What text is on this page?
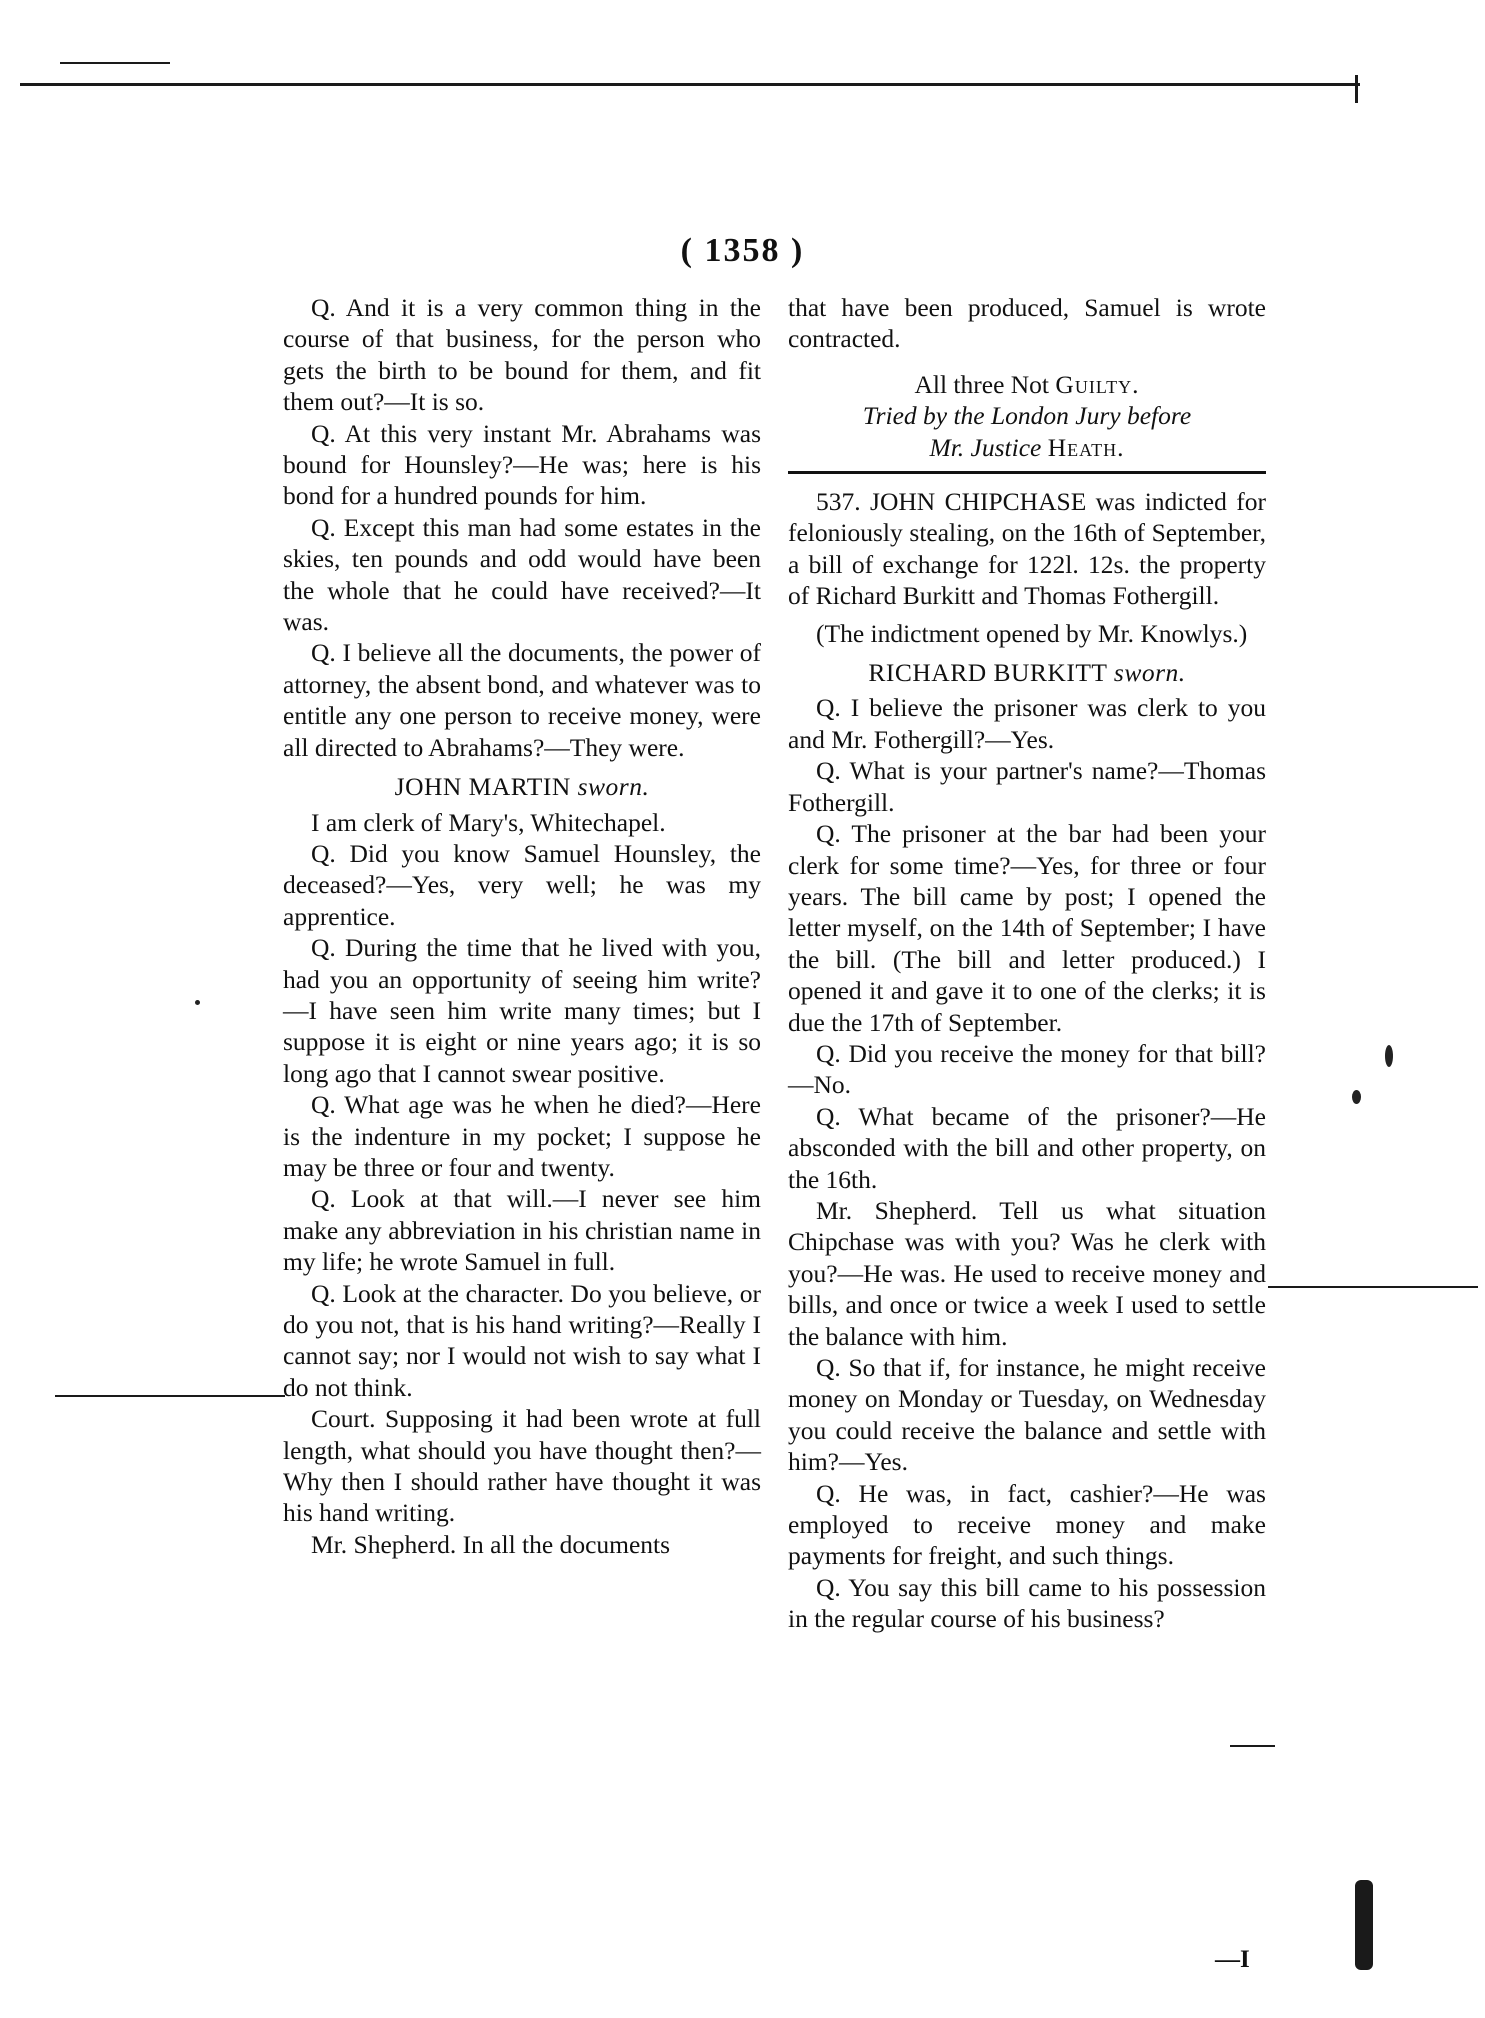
( 1358 )

Q. And it is a very common thing in the course of that business, for the person who gets the birth to be bound for them, and fit them out?—It is so.

Q. At this very instant Mr. Abrahams was bound for Hounsley?—He was; here is his bond for a hundred pounds for him.

Q. Except this man had some estates in the skies, ten pounds and odd would have been the whole that he could have received?—It was.

Q. I believe all the documents, the power of attorney, the absent bond, and whatever was to entitle any one person to receive money, were all directed to Abrahams?—They were.

JOHN MARTIN sworn.

I am clerk of Mary's, Whitechapel.

Q. Did you know Samuel Hounsley, the deceased?—Yes, very well; he was my apprentice.

Q. During the time that he lived with you, had you an opportunity of seeing him write?—I have seen him write many times; but I suppose it is eight or nine years ago; it is so long ago that I cannot swear positive.

Q. What age was he when he died?—Here is the indenture in my pocket; I suppose he may be three or four and twenty.

Q. Look at that will.—I never see him make any abbreviation in his christian name in my life; he wrote Samuel in full.

Q. Look at the character. Do you believe, or do you not, that is his hand writing?—Really I cannot say; nor I would not wish to say what I do not think.

Court. Supposing it had been wrote at full length, what should you have thought then?—Why then I should rather have thought it was his hand writing.

Mr. Shepherd. In all the documents

that have been produced, Samuel is wrote contracted.

All three Not Guilty.

Tried by the London Jury before

Mr. Justice Heath.

537. JOHN CHIPCHASE was indicted for feloniously stealing, on the 16th of September, a bill of exchange for 122l. 12s. the property of Richard Burkitt and Thomas Fothergill.

(The indictment opened by Mr. Knowlys.)

RICHARD BURKITT sworn.

Q. I believe the prisoner was clerk to you and Mr. Fothergill?—Yes.

Q. What is your partner's name?—Thomas Fothergill.

Q. The prisoner at the bar had been your clerk for some time?—Yes, for three or four years. The bill came by post; I opened the letter myself, on the 14th of September; I have the bill. (The bill and letter produced.) I opened it and gave it to one of the clerks; it is due the 17th of September.

Q. Did you receive the money for that bill?—No.

Q. What became of the prisoner?—He absconded with the bill and other property, on the 16th.

Mr. Shepherd. Tell us what situation Chipchase was with you? Was he clerk with you?—He was. He used to receive money and bills, and once or twice a week I used to settle the balance with him.

Q. So that if, for instance, he might receive money on Monday or Tuesday, on Wednesday you could receive the balance and settle with him?—Yes.

Q. He was, in fact, cashier?—He was employed to receive money and make payments for freight, and such things.

Q. You say this bill came to his possession in the regular course of his business?

—I
